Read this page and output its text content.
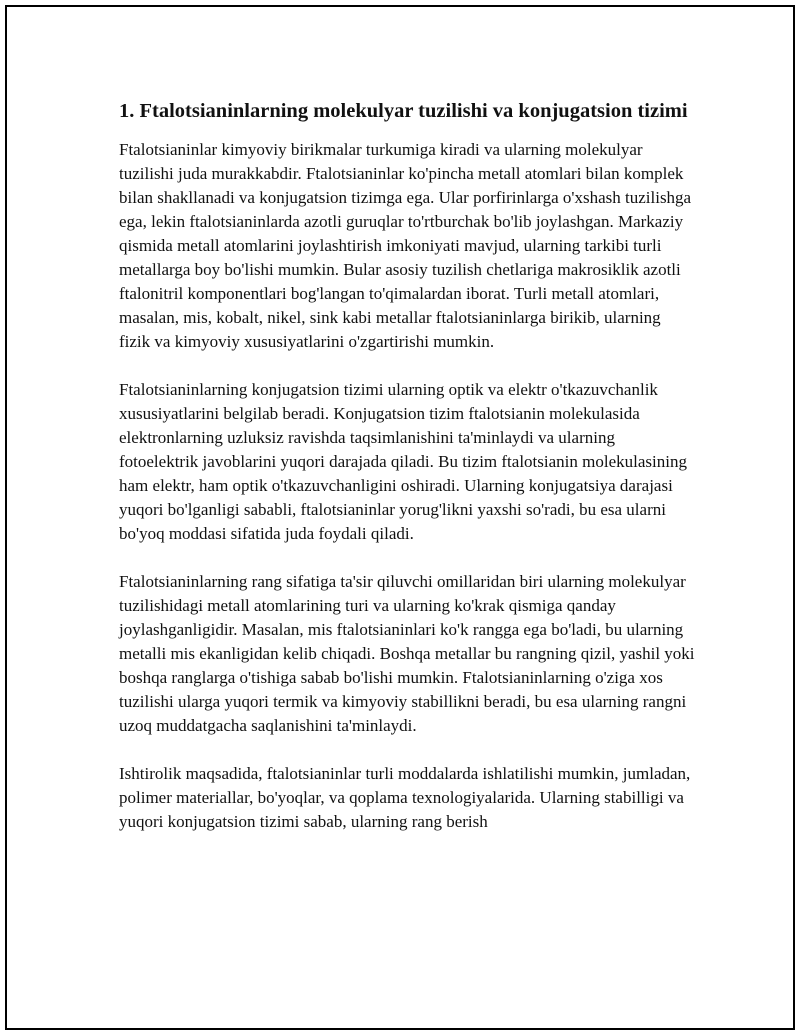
1. Ftalotsianinlarning molekulyar tuzilishi va konjugatsion tizimi

Ftalotsianinlar kimyoviy birikmalar turkumiga kiradi va ularning molekulyar tuzilishi juda murakkabdir. Ftalotsianinlar ko'pincha metall atomlari bilan komplek bilan shakllanadi va konjugatsion tizimga ega. Ular porfirinlarga o'xshash tuzilishga ega, lekin ftalotsianinlarda azotli guruqlar to'rtburchak bo'lib joylashgan. Markaziy qismida metall atomlarini joylashtirish imkoniyati mavjud, ularning tarkibi turli metallarga boy bo'lishi mumkin. Bular asosiy tuzilish chetlariga makrosiklik azotli ftalonitril komponentlari bog'langan to'qimalardan iborat. Turli metall atomlari, masalan, mis, kobalt, nikel, sink kabi metallar ftalotsianinlarga birikib, ularning fizik va kimyoviy xususiyatlarini o'zgartirishi mumkin.

Ftalotsianinlarning konjugatsion tizimi ularning optik va elektr o'tkazuvchanlik xususiyatlarini belgilab beradi. Konjugatsion tizim ftalotsianin molekulasida elektronlarning uzluksiz ravishda taqsimlanishini ta'minlaydi va ularning fotoelektrik javoblarini yuqori darajada qiladi. Bu tizim ftalotsianin molekulasining ham elektr, ham optik o'tkazuvchanligini oshiradi. Ularning konjugatsiya darajasi yuqori bo'lganligi sababli, ftalotsianinlar yorug'likni yaxshi so'radi, bu esa ularni bo'yoq moddasi sifatida juda foydali qiladi.

Ftalotsianinlarning rang sifatiga ta'sir qiluvchi omillaridan biri ularning molekulyar tuzilishidagi metall atomlarining turi va ularning ko'krak qismiga qanday joylashganligidir. Masalan, mis ftalotsianinlari ko'k rangga ega bo'ladi, bu ularning metalli mis ekanligidan kelib chiqadi. Boshqa metallar bu rangning qizil, yashil yoki boshqa ranglarga o'tishiga sabab bo'lishi mumkin. Ftalotsianinlarning o'ziga xos tuzilishi ularga yuqori termik va kimyoviy stabillikni beradi, bu esa ularning rangni uzoq muddatgacha saqlanishini ta'minlaydi.

Ishtirolik maqsadida, ftalotsianinlar turli moddalarda ishlatilishi mumkin, jumladan, polimer materiallar, bo'yoqlar, va qoplama texnologiyalarida. Ularning stabilligi va yuqori konjugatsion tizimi sabab, ularning rang berish
